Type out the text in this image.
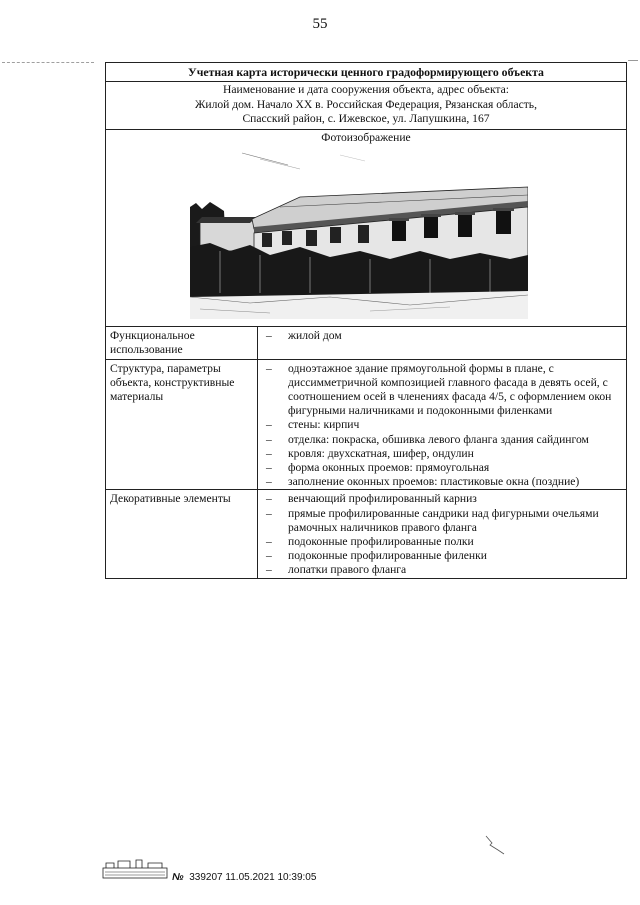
55
Учетная карта исторически ценного градоформирующего объекта
Наименование и дата сооружения объекта, адрес объекта:
Жилой дом. Начало XX в. Российская Федерация, Рязанская область,
Спасский район, с. Ижевское, ул. Лапушкина, 167
Фотоизображение
Функциональное использование
– жилой дом
Структура, параметры объекта, конструктивные материалы
– одноэтажное здание прямоугольной формы в плане, с диссимметричной композицией главного фасада в девять осей, с соотношением осей в членениях фасада 4/5, с оформлением окон фигурными наличниками и подоконными филенками
– стены: кирпич
– отделка: покраска, обшивка левого фланга здания сайдингом
– кровля: двухскатная, шифер, ондулин
– форма оконных проемов: прямоугольная
– заполнение оконных проемов: пластиковые окна (поздние)
Декоративные элементы	– венчающий профилированный карниз
– прямые профилированные сандрики над фигурными очельями рамочных наличников правого фланга
– подоконные профилированные полки
– подоконные профилированные филенки
– лопатки правого фланга
№ 339207 11.05.2021 10:39:05
